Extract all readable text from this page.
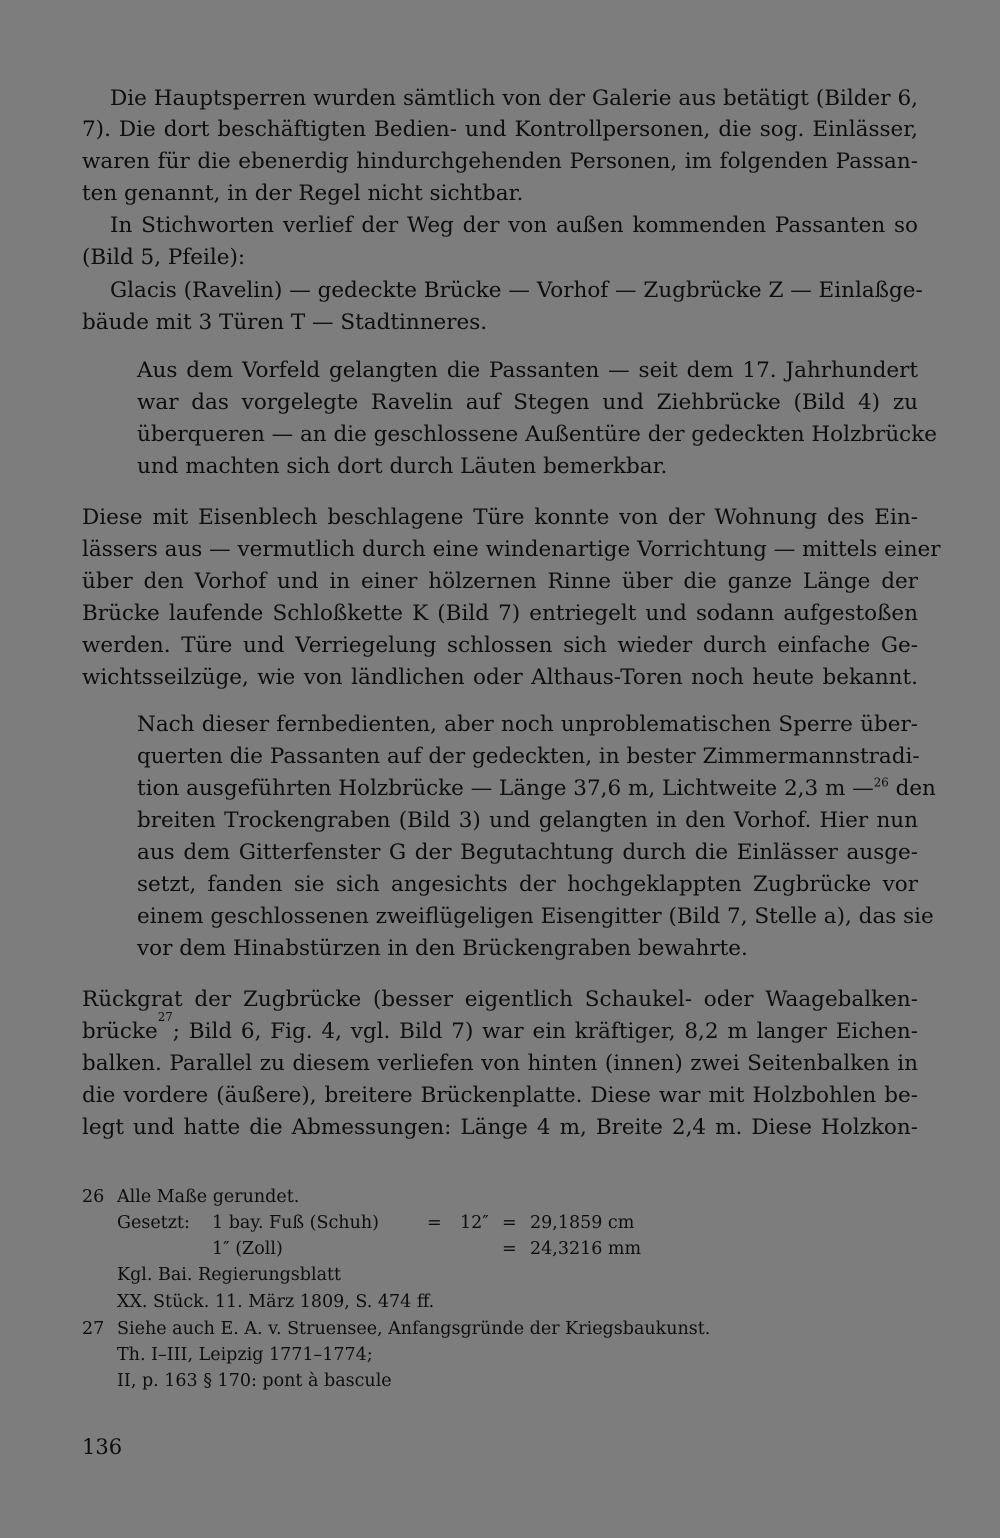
Die Hauptsperren wurden sämtlich von der Galerie aus betätigt (Bilder 6,
7). Die dort beschäftigten Bedien- und Kontrollpersonen, die sog. Einlässer,
waren für die ebenerdig hindurchgehenden Personen, im folgenden Passan-
ten genannt, in der Regel nicht sichtbar.
In Stichworten verlief der Weg der von außen kommenden Passanten so
(Bild 5, Pfeile):
Glacis (Ravelin) — gedeckte Brücke — Vorhof — Zugbrücke Z — Einlaßge-
bäude mit 3 Türen T — Stadtinneres.
Aus dem Vorfeld gelangten die Passanten — seit dem 17. Jahrhundert
war das vorgelegte Ravelin auf Stegen und Ziehbrücke (Bild 4) zu
überqueren — an die geschlossene Außentüre der gedeckten Holzbrücke
und machten sich dort durch Läuten bemerkbar.
Diese mit Eisenblech beschlagene Türe konnte von der Wohnung des Ein-
lässers aus — vermutlich durch eine windenartige Vorrichtung — mittels einer
über den Vorhof und in einer hölzernen Rinne über die ganze Länge der
Brücke laufende Schloßkette K (Bild 7) entriegelt und sodann aufgestoßen
werden. Türe und Verriegelung schlossen sich wieder durch einfache Ge-
wichtsseilzüge, wie von ländlichen oder Althaus-Toren noch heute bekannt.
Nach dieser fernbedienten, aber noch unproblematischen Sperre über-
querten die Passanten auf der gedeckten, in bester Zimmermannstradi-
tion ausgeführten Holzbrücke — Länge 37,6 m, Lichtweite 2,3 m — $^{26}$ den
breiten Trockengraben (Bild 3) und gelangten in den Vorhof. Hier nun
aus dem Gitterfenster G der Begutachtung durch die Einlässer ausge-
setzt, fanden sie sich angesichts der hochgeklappten Zugbrücke vor
einem geschlossenen zweiflügeligen Eisengitter (Bild 7, Stelle a), das sie
vor dem Hinabstürzen in den Brückengraben bewahrte.
Rückgrat der Zugbrücke (besser eigentlich Schaukel- oder Waagebalken-
brücke
27
; Bild 6, Fig. 4, vgl. Bild 7) war ein kräftiger, 8,2 m langer Eichen-
balken. Parallel zu diesem verliefen von hinten (innen) zwei Seitenbalken in
die vordere (äußere), breitere Brückenplatte. Diese war mit Holzbohlen be-
legt und hatte die Abmessungen: Länge 4 m, Breite 2,4 m. Diese Holzkon-
26 Alle Maße gerundet.
Gesetzt: 1 bay. Fuß (Schuh)	= 12″ = 29,1859 cm
1″ (Zoll)	= 24,3216 mm
Kgl. Bai. Regierungsblatt
XX. Stück. 11. März 1809, S. 474 ff.
27 Siehe auch E. A. v. Struensee, Anfangsgründe der Kriegsbaukunst.
Th. I–III, Leipzig 1771–1774;
II, p. 163 § 170: pont à bascule
136
